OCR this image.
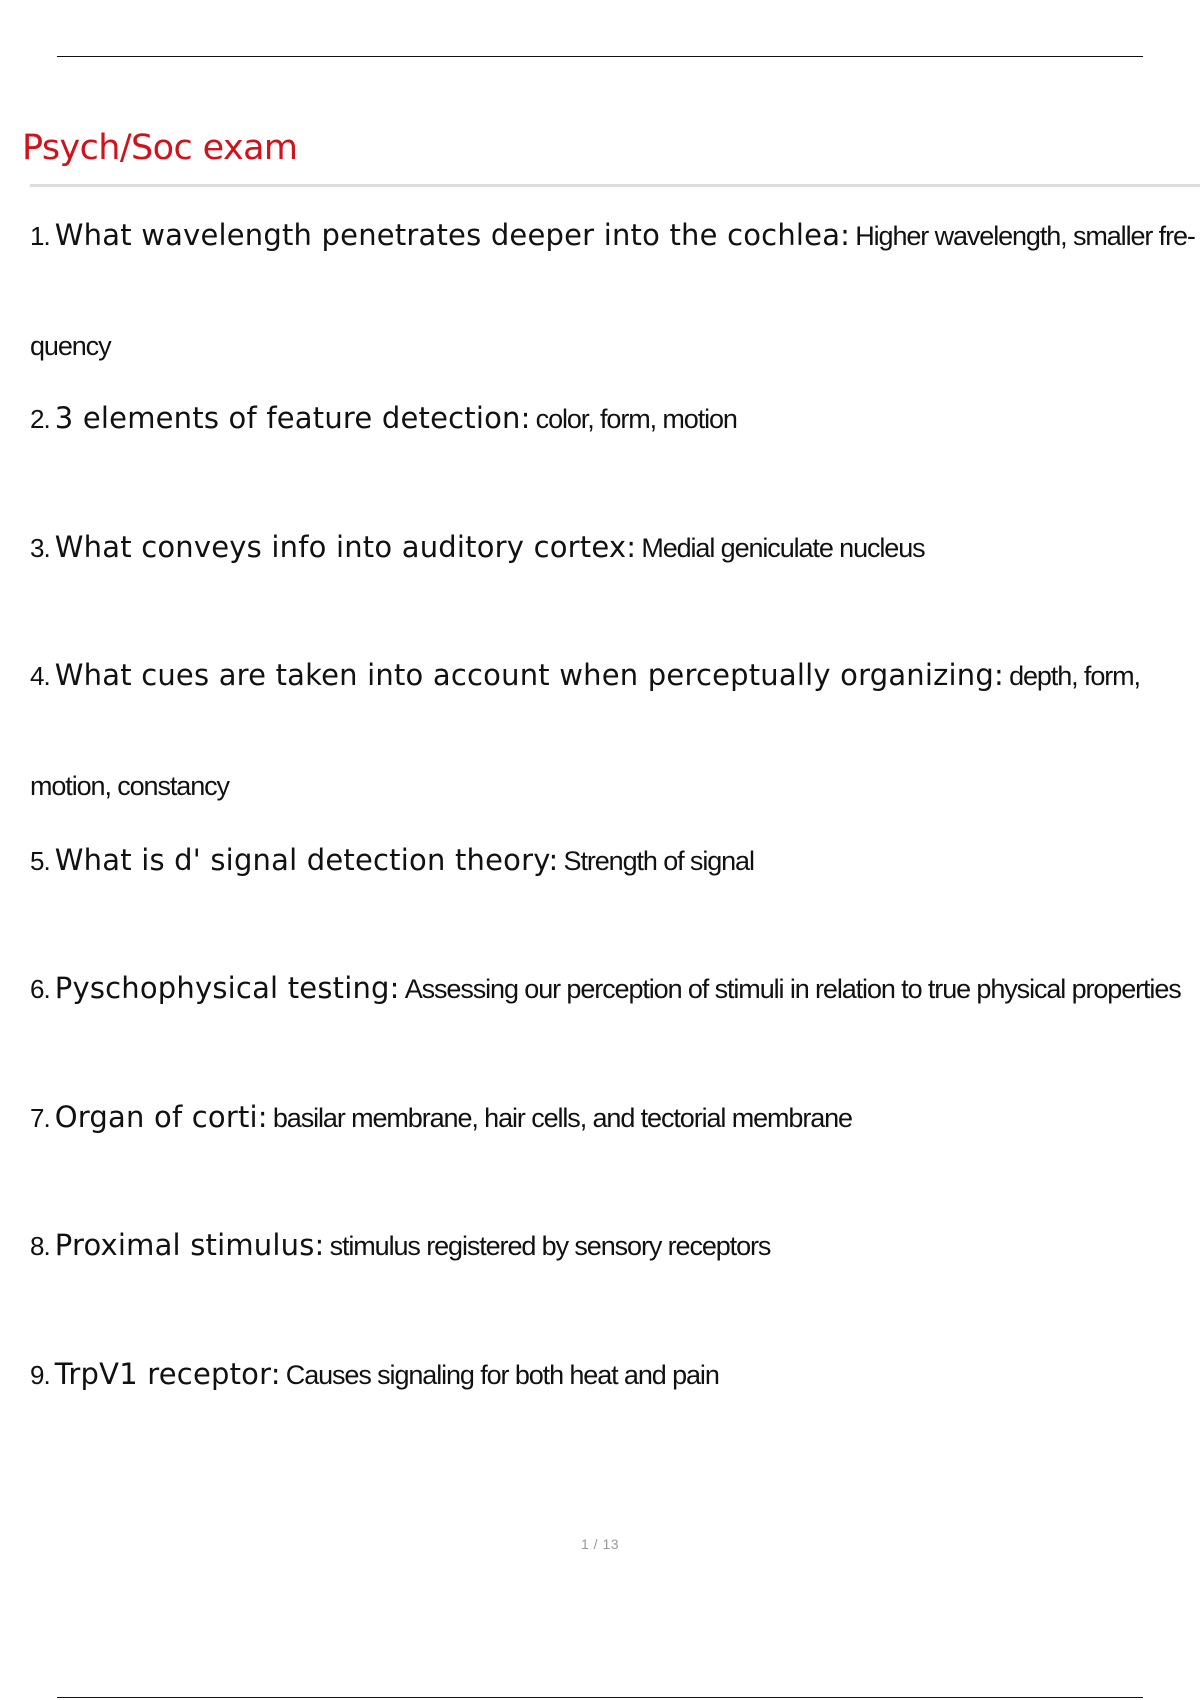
Psych/Soc exam

1. What wavelength penetrates deeper into the cochlea: Higher wavelength, smaller fre-quency

2. 3 elements of feature detection: color, form, motion

3. What conveys info into auditory cortex: Medial geniculate nucleus

4. What cues are taken into account when perceptually organizing: depth, form, motion, constancy

5. What is d' signal detection theory: Strength of signal

6. Pyschophysical testing: Assessing our perception of stimuli in relation to true physical properties

7. Organ of corti: basilar membrane, hair cells, and tectorial membrane

8. Proximal stimulus: stimulus registered by sensory receptors

9. TrpV1 receptor: Causes signaling for both heat and pain

1 / 13
